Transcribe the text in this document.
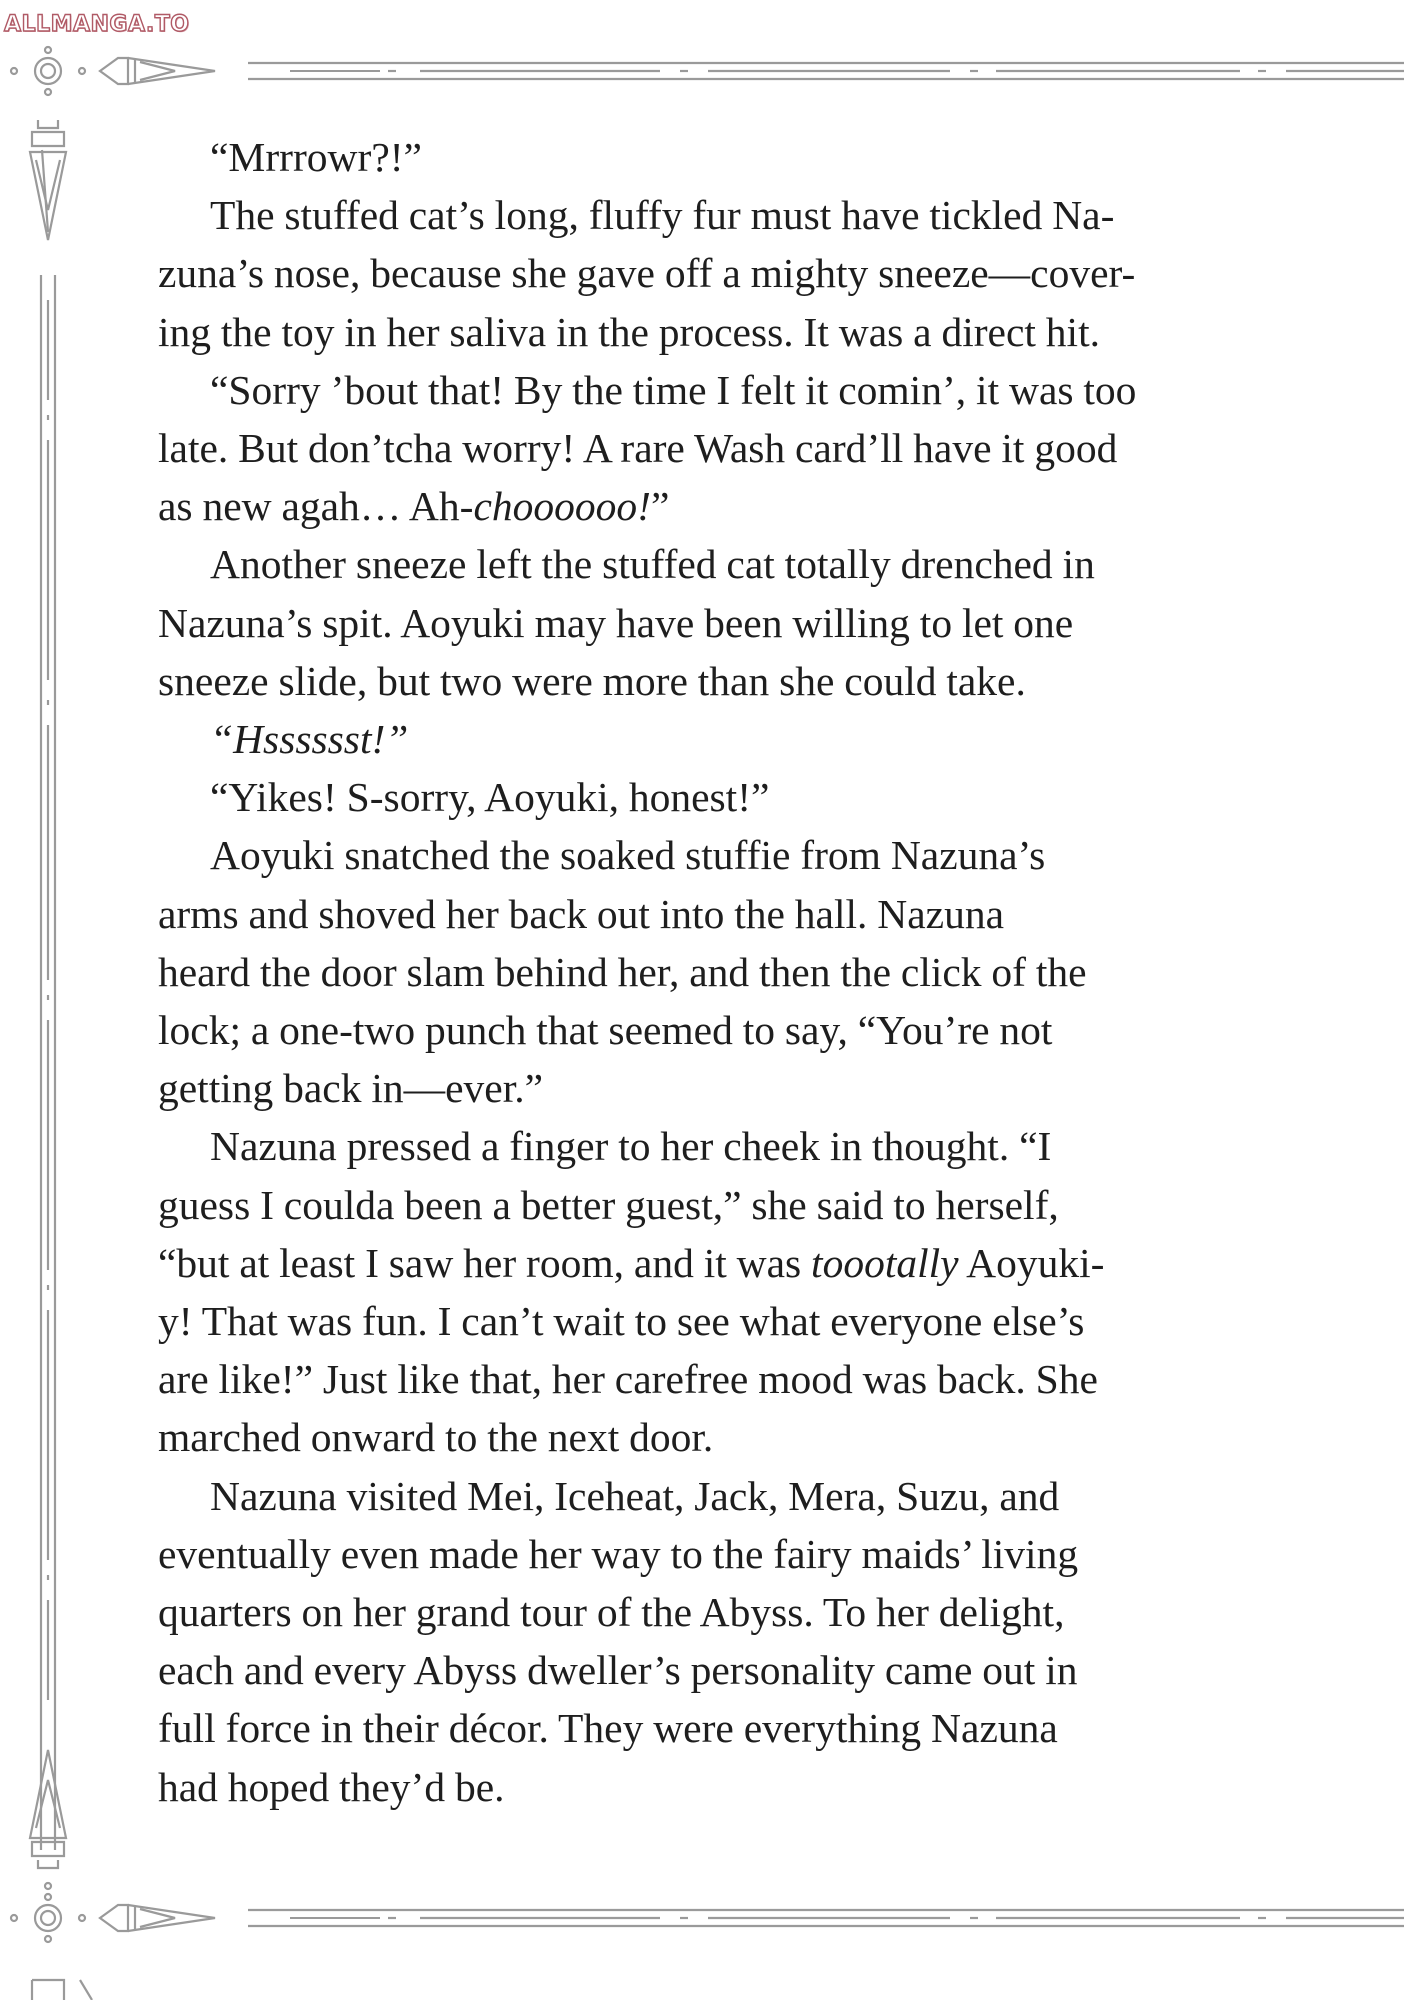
ALLMANGA.TO

“Mrrrowr?!”

The stuffed cat’s long, fluffy fur must have tickled Na-

zuna’s nose, because she gave off a mighty sneeze—cover-

ing the toy in her saliva in the process. It was a direct hit.

“Sorry ’bout that! By the time I felt it comin’, it was too

late. But don’tcha worry! A rare Wash card’ll have it good

as new agah… Ah-choooooo!”

Another sneeze left the stuffed cat totally drenched in

Nazuna’s spit. Aoyuki may have been willing to let one

sneeze slide, but two were more than she could take.

“Hsssssst!”

“Yikes! S-sorry, Aoyuki, honest!”

Aoyuki snatched the soaked stuffie from Nazuna’s

arms and shoved her back out into the hall. Nazuna

heard the door slam behind her, and then the click of the

lock; a one-two punch that seemed to say, “You’re not

getting back in—ever.”

Nazuna pressed a finger to her cheek in thought. “I

guess I coulda been a better guest,” she said to herself,

“but at least I saw her room, and it was toootally Aoyuki-

y! That was fun. I can’t wait to see what everyone else’s

are like!” Just like that, her carefree mood was back. She

marched onward to the next door.

Nazuna visited Mei, Iceheat, Jack, Mera, Suzu, and

eventually even made her way to the fairy maids’ living

quarters on her grand tour of the Abyss. To her delight,

each and every Abyss dweller’s personality came out in

full force in their décor. They were everything Nazuna

had hoped they’d be.
